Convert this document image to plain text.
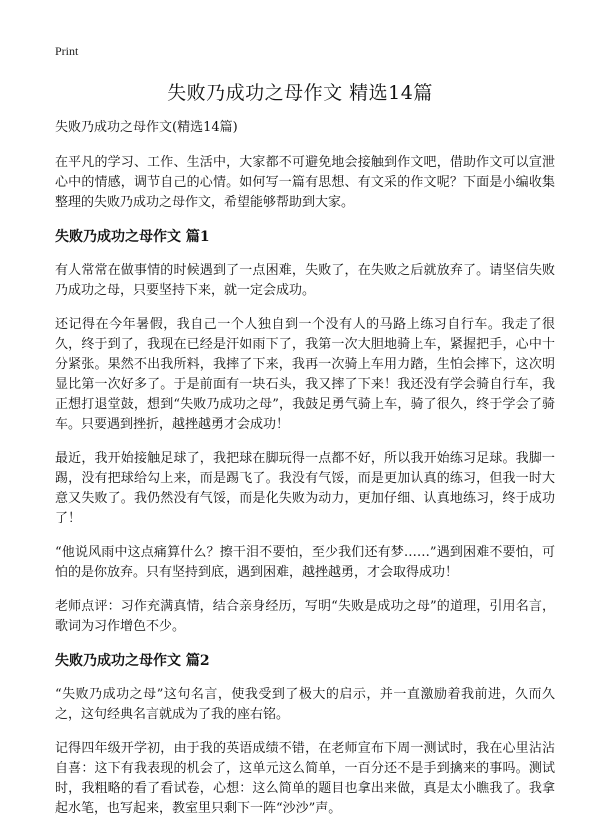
Print
失败乃成功之母作文 精选14篇

失败乃成功之母作文(精选14篇)

在平凡的学习、工作、生活中，大家都不可避免地会接触到作文吧，借助作文可以宣泄心中的情感，调节自己的心情。如何写一篇有思想、有文采的作文呢？下面是小编收集整理的失败乃成功之母作文，希望能够帮助到大家。

失败乃成功之母作文 篇1

有人常常在做事情的时候遇到了一点困难，失败了，在失败之后就放弃了。请坚信失败乃成功之母，只要坚持下来，就一定会成功。

还记得在今年暑假，我自己一个人独自到一个没有人的马路上练习自行车。我走了很久，终于到了，我现在已经是汗如雨下了，我第一次大胆地骑上车，紧握把手，心中十分紧张。果然不出我所料，我摔了下来，我再一次骑上车用力踏，生怕会摔下，这次明显比第一次好多了。于是前面有一块石头，我又摔了下来！我还没有学会骑自行车，我正想打退堂鼓，想到“失败乃成功之母”，我鼓足勇气骑上车，骑了很久，终于学会了骑车。只要遇到挫折，越挫越勇才会成功！

最近，我开始接触足球了，我把球在脚玩得一点都不好，所以我开始练习足球。我脚一踢，没有把球给勾上来，而是踢飞了。我没有气馁，而是更加认真的练习，但我一时大意又失败了。我仍然没有气馁，而是化失败为动力，更加仔细、认真地练习，终于成功了！

“他说风雨中这点痛算什么？擦干泪不要怕，至少我们还有梦……”遇到困难不要怕，可怕的是你放弃。只有坚持到底，遇到困难，越挫越勇，才会取得成功！

老师点评：习作充满真情，结合亲身经历，写明“失败是成功之母”的道理，引用名言，歌词为习作增色不少。

失败乃成功之母作文 篇2

“失败乃成功之母”这句名言，使我受到了极大的启示，并一直激励着我前进，久而久之，这句经典名言就成为了我的座右铭。

记得四年级开学初，由于我的英语成绩不错，在老师宣布下周一测试时，我在心里沾沾自喜：这下有我表现的机会了，这单元这么简单，一百分还不是手到擒来的事吗。测试时，我粗略的看了看试卷，心想：这么简单的题目也拿出来做，真是太小瞧我了。我拿起水笔，也写起来，教室里只剩下一阵“沙沙”声。
